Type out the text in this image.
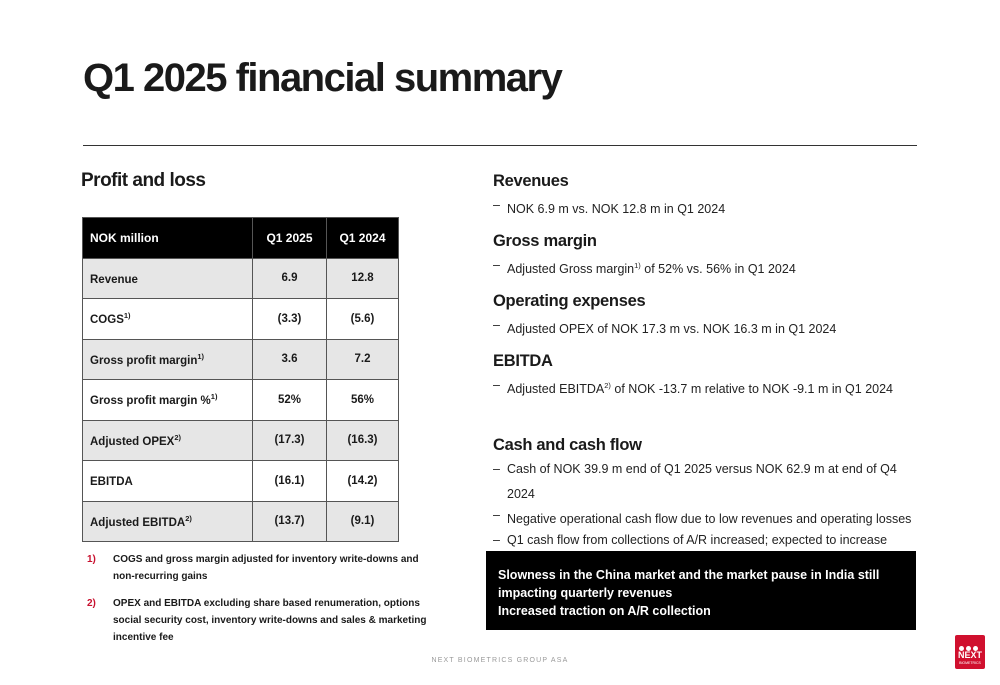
Q1 2025 financial summary
Profit and loss
NOK million	Q1 2025	Q1 2024
Revenue	6.9	12.8
COGS$^{1)}$	(3.3)	(5.6)
Gross profit margin$^{1)}$	3.6	7.2
Gross profit margin %$^{1)}$	52%	56%
Adjusted OPEX$^{2)}$	(17.3)	(16.3)
EBITDA	(16.1)	(14.2)
Adjusted EBITDA$^{2)}$	(13.7)	(9.1)
1)	COGS and gross margin adjusted for inventory write-downs and non-recurring gains
2)	OPEX and EBITDA excluding share based renumeration, options social security cost, inventory write-downs and sales & marketing incentive fee
Revenues
– NOK 6.9 m vs. NOK 12.8 m in Q1 2024
Gross margin
– Adjusted Gross margin$^{1)}$ of 52% vs. 56% in Q1 2024
Operating expenses
– Adjusted OPEX of NOK 17.3 m vs. NOK 16.3 m in Q1 2024
EBITDA
– Adjusted EBITDA$^{2)}$ of NOK -13.7 m relative to NOK -9.1 m in Q1 2024
Cash and cash flow
– Cash of NOK 39.9 m end of Q1 2025 versus NOK 62.9 m at end of Q4 2024
– Negative operational cash flow due to low revenues and operating losses
– Q1 cash flow from collections of A/R increased; expected to increase
Slowness in the China market and the market pause in India still impacting quarterly revenues
Increased traction on A/R collection
NEXT BIOMETRICS GROUP ASA
NEXT
BIOMETRICS
